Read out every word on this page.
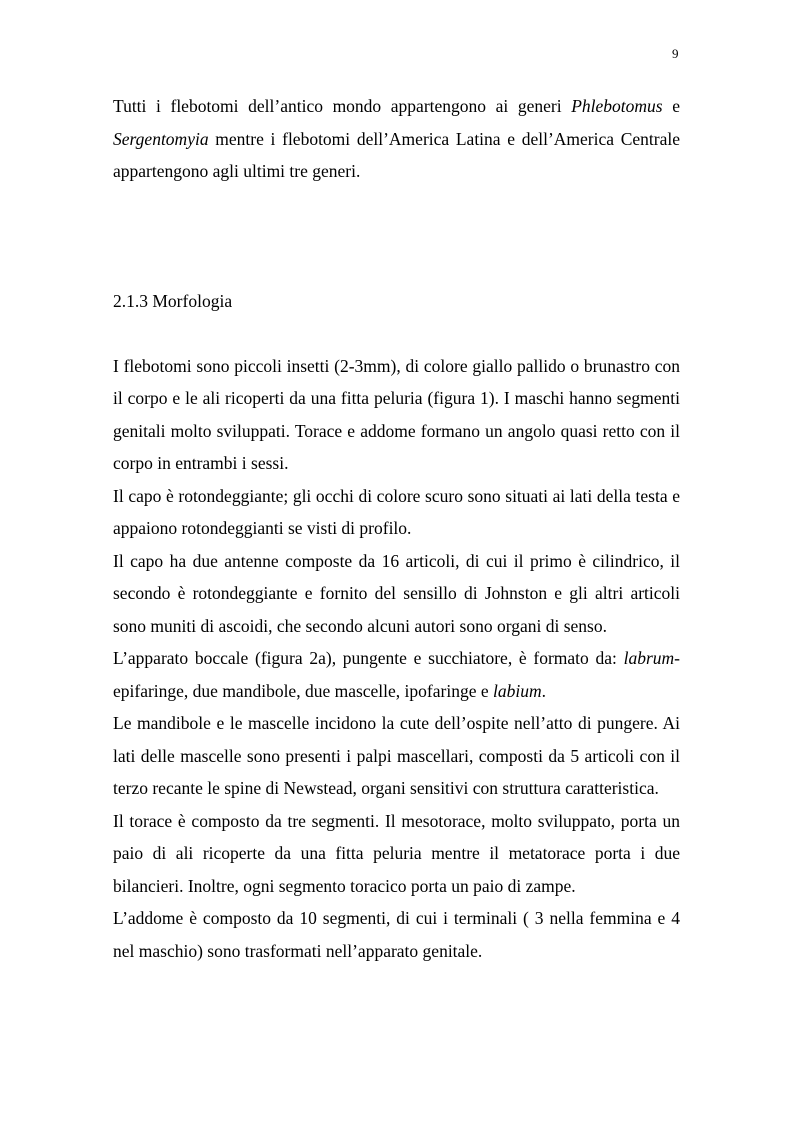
9

Tutti i flebotomi dell’antico mondo appartengono ai generi Phlebotomus e Sergentomyia mentre i flebotomi dell’America Latina e dell’America Centrale appartengono agli ultimi tre generi.

2.1.3 Morfologia

I flebotomi sono piccoli insetti (2-3mm), di colore giallo pallido o brunastro con il corpo e le ali ricoperti da una fitta peluria (figura 1). I maschi hanno segmenti genitali molto sviluppati. Torace e addome formano un angolo quasi retto con il corpo in entrambi i sessi.

Il capo è rotondeggiante; gli occhi di colore scuro sono situati ai lati della testa e appaiono rotondeggianti se visti di profilo.

Il capo ha due antenne composte da 16 articoli, di cui il primo è cilindrico, il secondo è rotondeggiante e fornito del sensillo di Johnston e gli altri articoli sono muniti di ascoidi, che secondo alcuni autori sono organi di senso.

L’apparato boccale (figura 2a), pungente e succhiatore, è formato da: labrum-epifaringe, due mandibole, due mascelle, ipofaringe e labium.

Le mandibole e le mascelle incidono la cute dell’ospite nell’atto di pungere. Ai lati delle mascelle sono presenti i palpi mascellari, composti da 5 articoli con il terzo recante le spine di Newstead, organi sensitivi con struttura caratteristica.

Il torace è composto da tre segmenti. Il mesotorace, molto sviluppato, porta un paio di ali ricoperte da una fitta peluria mentre il metatorace porta i due bilancieri. Inoltre, ogni segmento toracico porta un paio di zampe.

L’addome è composto da 10 segmenti, di cui i terminali ( 3 nella femmina e 4 nel maschio) sono trasformati nell’apparato genitale.
